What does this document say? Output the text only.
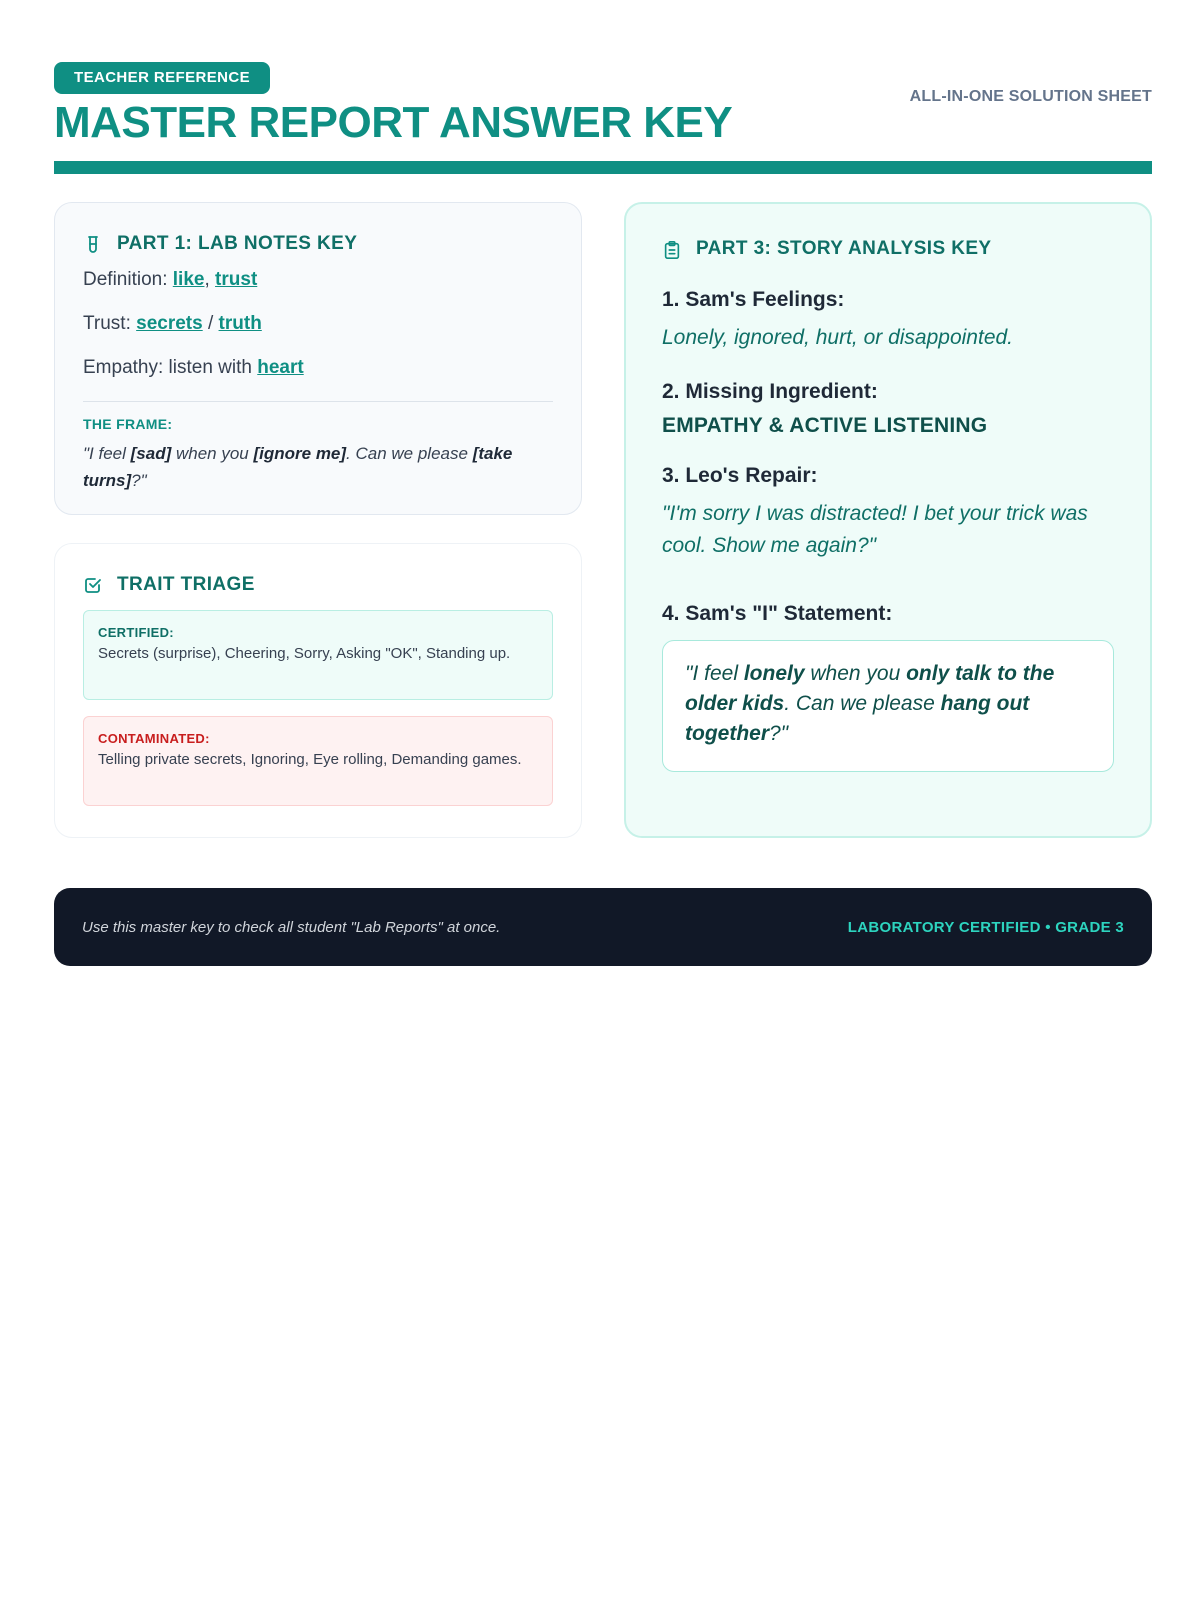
TEACHER REFERENCE
MASTER REPORT ANSWER KEY
ALL-IN-ONE SOLUTION SHEET
PART 1: LAB NOTES KEY
Definition: like, trust
Trust: secrets / truth
Empathy: listen with heart
THE FRAME:
"I feel [sad] when you [ignore me]. Can we please [take turns]?"
TRAIT TRIAGE
CERTIFIED:
Secrets (surprise), Cheering, Sorry, Asking "OK", Standing up.
CONTAMINATED:
Telling private secrets, Ignoring, Eye rolling, Demanding games.
PART 3: STORY ANALYSIS KEY
1. Sam's Feelings:
Lonely, ignored, hurt, or disappointed.
2. Missing Ingredient:
EMPATHY & ACTIVE LISTENING
3. Leo's Repair:
"I'm sorry I was distracted! I bet your trick was cool. Show me again?"
4. Sam's "I" Statement:
"I feel lonely when you only talk to the older kids. Can we please hang out together?"
Use this master key to check all student "Lab Reports" at once.	LABORATORY CERTIFIED • GRADE 3
